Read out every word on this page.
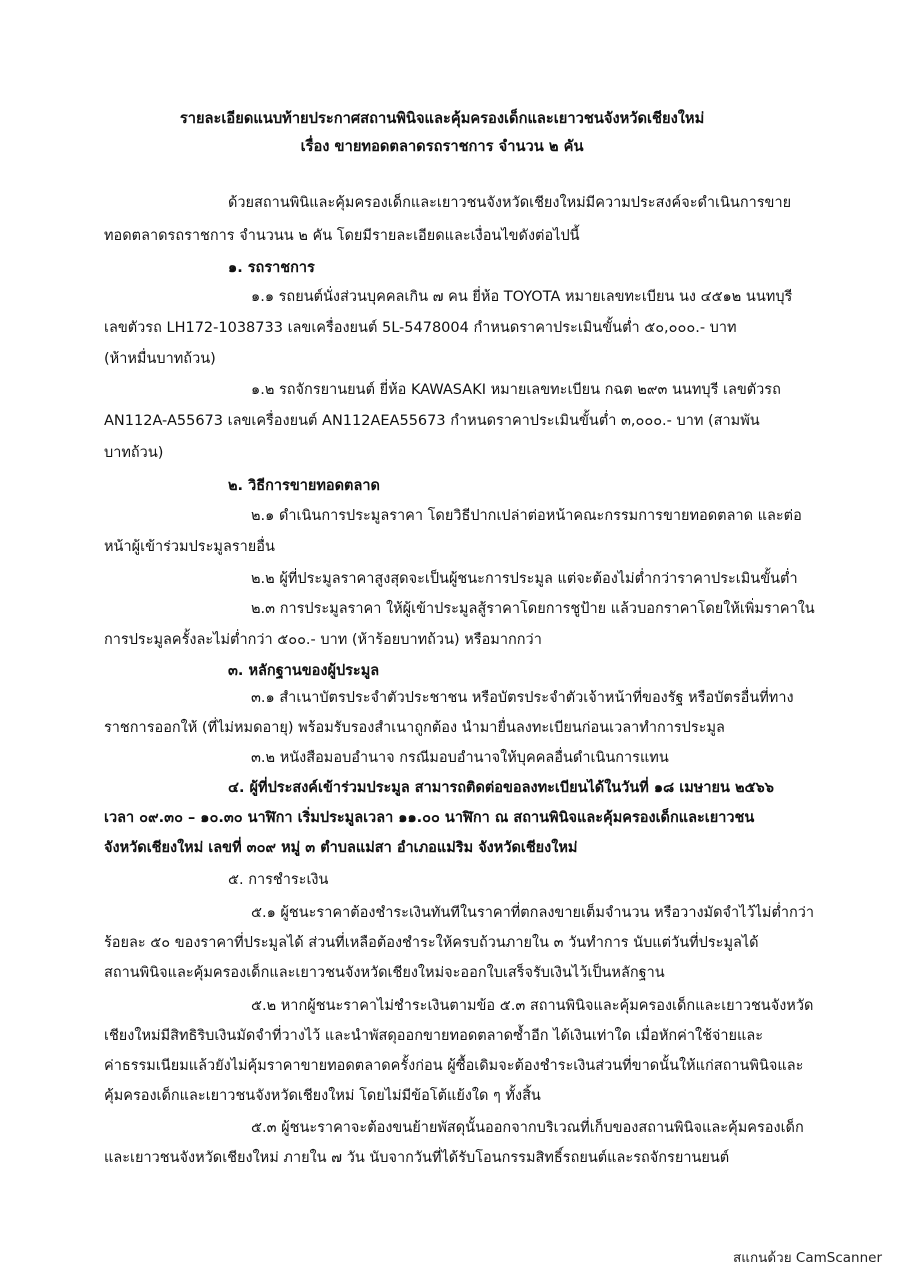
รายละเอียดแนบท้ายประกาศสถานพินิจและคุ้มครองเด็กและเยาวชนจังหวัดเชียงใหม่
เรื่อง ขายทอดตลาดรถราชการ จำนวน ๒ คัน
ด้วยสถานพินิและคุ้มครองเด็กและเยาวชนจังหวัดเชียงใหม่มีความประสงค์จะดำเนินการขาย
ทอดตลาดรถราชการ จำนวนน ๒ คัน โดยมีรายละเอียดและเงื่อนไขดังต่อไปนี้
๑. รถราชการ
๑.๑ รถยนต์นั่งส่วนบุคคลเกิน ๗ คน ยี่ห้อ TOYOTA หมายเลขทะเบียน นง ๔๕๑๒ นนทบุรี
เลขตัวรถ LH172-1038733 เลขเครื่องยนต์ 5L-5478004 กำหนดราคาประเมินขั้นต่ำ ๕๐,๐๐๐.- บาท
(ห้าหมื่นบาทถ้วน)
๑.๒ รถจักรยานยนต์ ยี่ห้อ KAWASAKI หมายเลขทะเบียน กฉต ๒๙๓ นนทบุรี เลขตัวรถ
AN112A-A55673 เลขเครื่องยนต์ AN112AEA55673 กำหนดราคาประเมินขั้นต่ำ ๓,๐๐๐.- บาท (สามพัน
บาทถ้วน)
๒. วิธีการขายทอดตลาด
๒.๑ ดำเนินการประมูลราคา โดยวิธีปากเปล่าต่อหน้าคณะกรรมการขายทอดตลาด และต่อ
หน้าผู้เข้าร่วมประมูลรายอื่น
๒.๒ ผู้ที่ประมูลราคาสูงสุดจะเป็นผู้ชนะการประมูล แต่จะต้องไม่ต่ำกว่าราคาประเมินขั้นต่ำ
๒.๓ การประมูลราคา ให้ผู้เข้าประมูลสู้ราคาโดยการชูป้าย แล้วบอกราคาโดยให้เพิ่มราคาใน
การประมูลครั้งละไม่ต่ำกว่า ๕๐๐.- บาท (ห้าร้อยบาทถ้วน) หรือมากกว่า
๓. หลักฐานของผู้ประมูล
๓.๑ สำเนาบัตรประจำตัวประชาชน หรือบัตรประจำตัวเจ้าหน้าที่ของรัฐ หรือบัตรอื่นที่ทาง
ราชการออกให้ (ที่ไม่หมดอายุ) พร้อมรับรองสำเนาถูกต้อง นำมายื่นลงทะเบียนก่อนเวลาทำการประมูล
๓.๒ หนังสือมอบอำนาจ กรณีมอบอำนาจให้บุคคลอื่นดำเนินการแทน
๔. ผู้ที่ประสงค์เข้าร่วมประมูล สามารถติดต่อขอลงทะเบียนได้ในวันที่ ๑๘ เมษายน ๒๕๖๖
เวลา ๐๙.๓๐ – ๑๐.๓๐ นาฬิกา เริ่มประมูลเวลา ๑๑.๐๐ นาฬิกา ณ สถานพินิจและคุ้มครองเด็กและเยาวชน
จังหวัดเชียงใหม่ เลขที่ ๓๐๙ หมู่ ๓ ตำบลแม่สา อำเภอแม่ริม จังหวัดเชียงใหม่
๕. การชำระเงิน
๕.๑ ผู้ชนะราคาต้องชำระเงินทันทีในราคาที่ตกลงขายเต็มจำนวน หรือวางมัดจำไว้ไม่ต่ำกว่า
ร้อยละ ๕๐ ของราคาที่ประมูลได้ ส่วนที่เหลือต้องชำระให้ครบถ้วนภายใน ๓ วันทำการ นับแต่วันที่ประมูลได้
สถานพินิจและคุ้มครองเด็กและเยาวชนจังหวัดเชียงใหม่จะออกใบเสร็จรับเงินไว้เป็นหลักฐาน
๕.๒ หากผู้ชนะราคาไม่ชำระเงินตามข้อ ๕.๓ สถานพินิจและคุ้มครองเด็กและเยาวชนจังหวัด
เชียงใหม่มีสิทธิริบเงินมัดจำที่วางไว้ และนำพัสดุออกขายทอดตลาดซ้ำอีก ได้เงินเท่าใด เมื่อหักค่าใช้จ่ายและ
ค่าธรรมเนียมแล้วยังไม่คุ้มราคาขายทอดตลาดครั้งก่อน ผู้ซื้อเดิมจะต้องชำระเงินส่วนที่ขาดนั้นให้แก่สถานพินิจและ
คุ้มครองเด็กและเยาวชนจังหวัดเชียงใหม่ โดยไม่มีข้อโต้แย้งใด ๆ ทั้งสิ้น
๕.๓ ผู้ชนะราคาจะต้องขนย้ายพัสดุนั้นออกจากบริเวณที่เก็บของสถานพินิจและคุ้มครองเด็ก
และเยาวชนจังหวัดเชียงใหม่ ภายใน ๗ วัน นับจากวันที่ได้รับโอนกรรมสิทธิ์รถยนต์และรถจักรยานยนต์
สแกนด้วย CamScanner
